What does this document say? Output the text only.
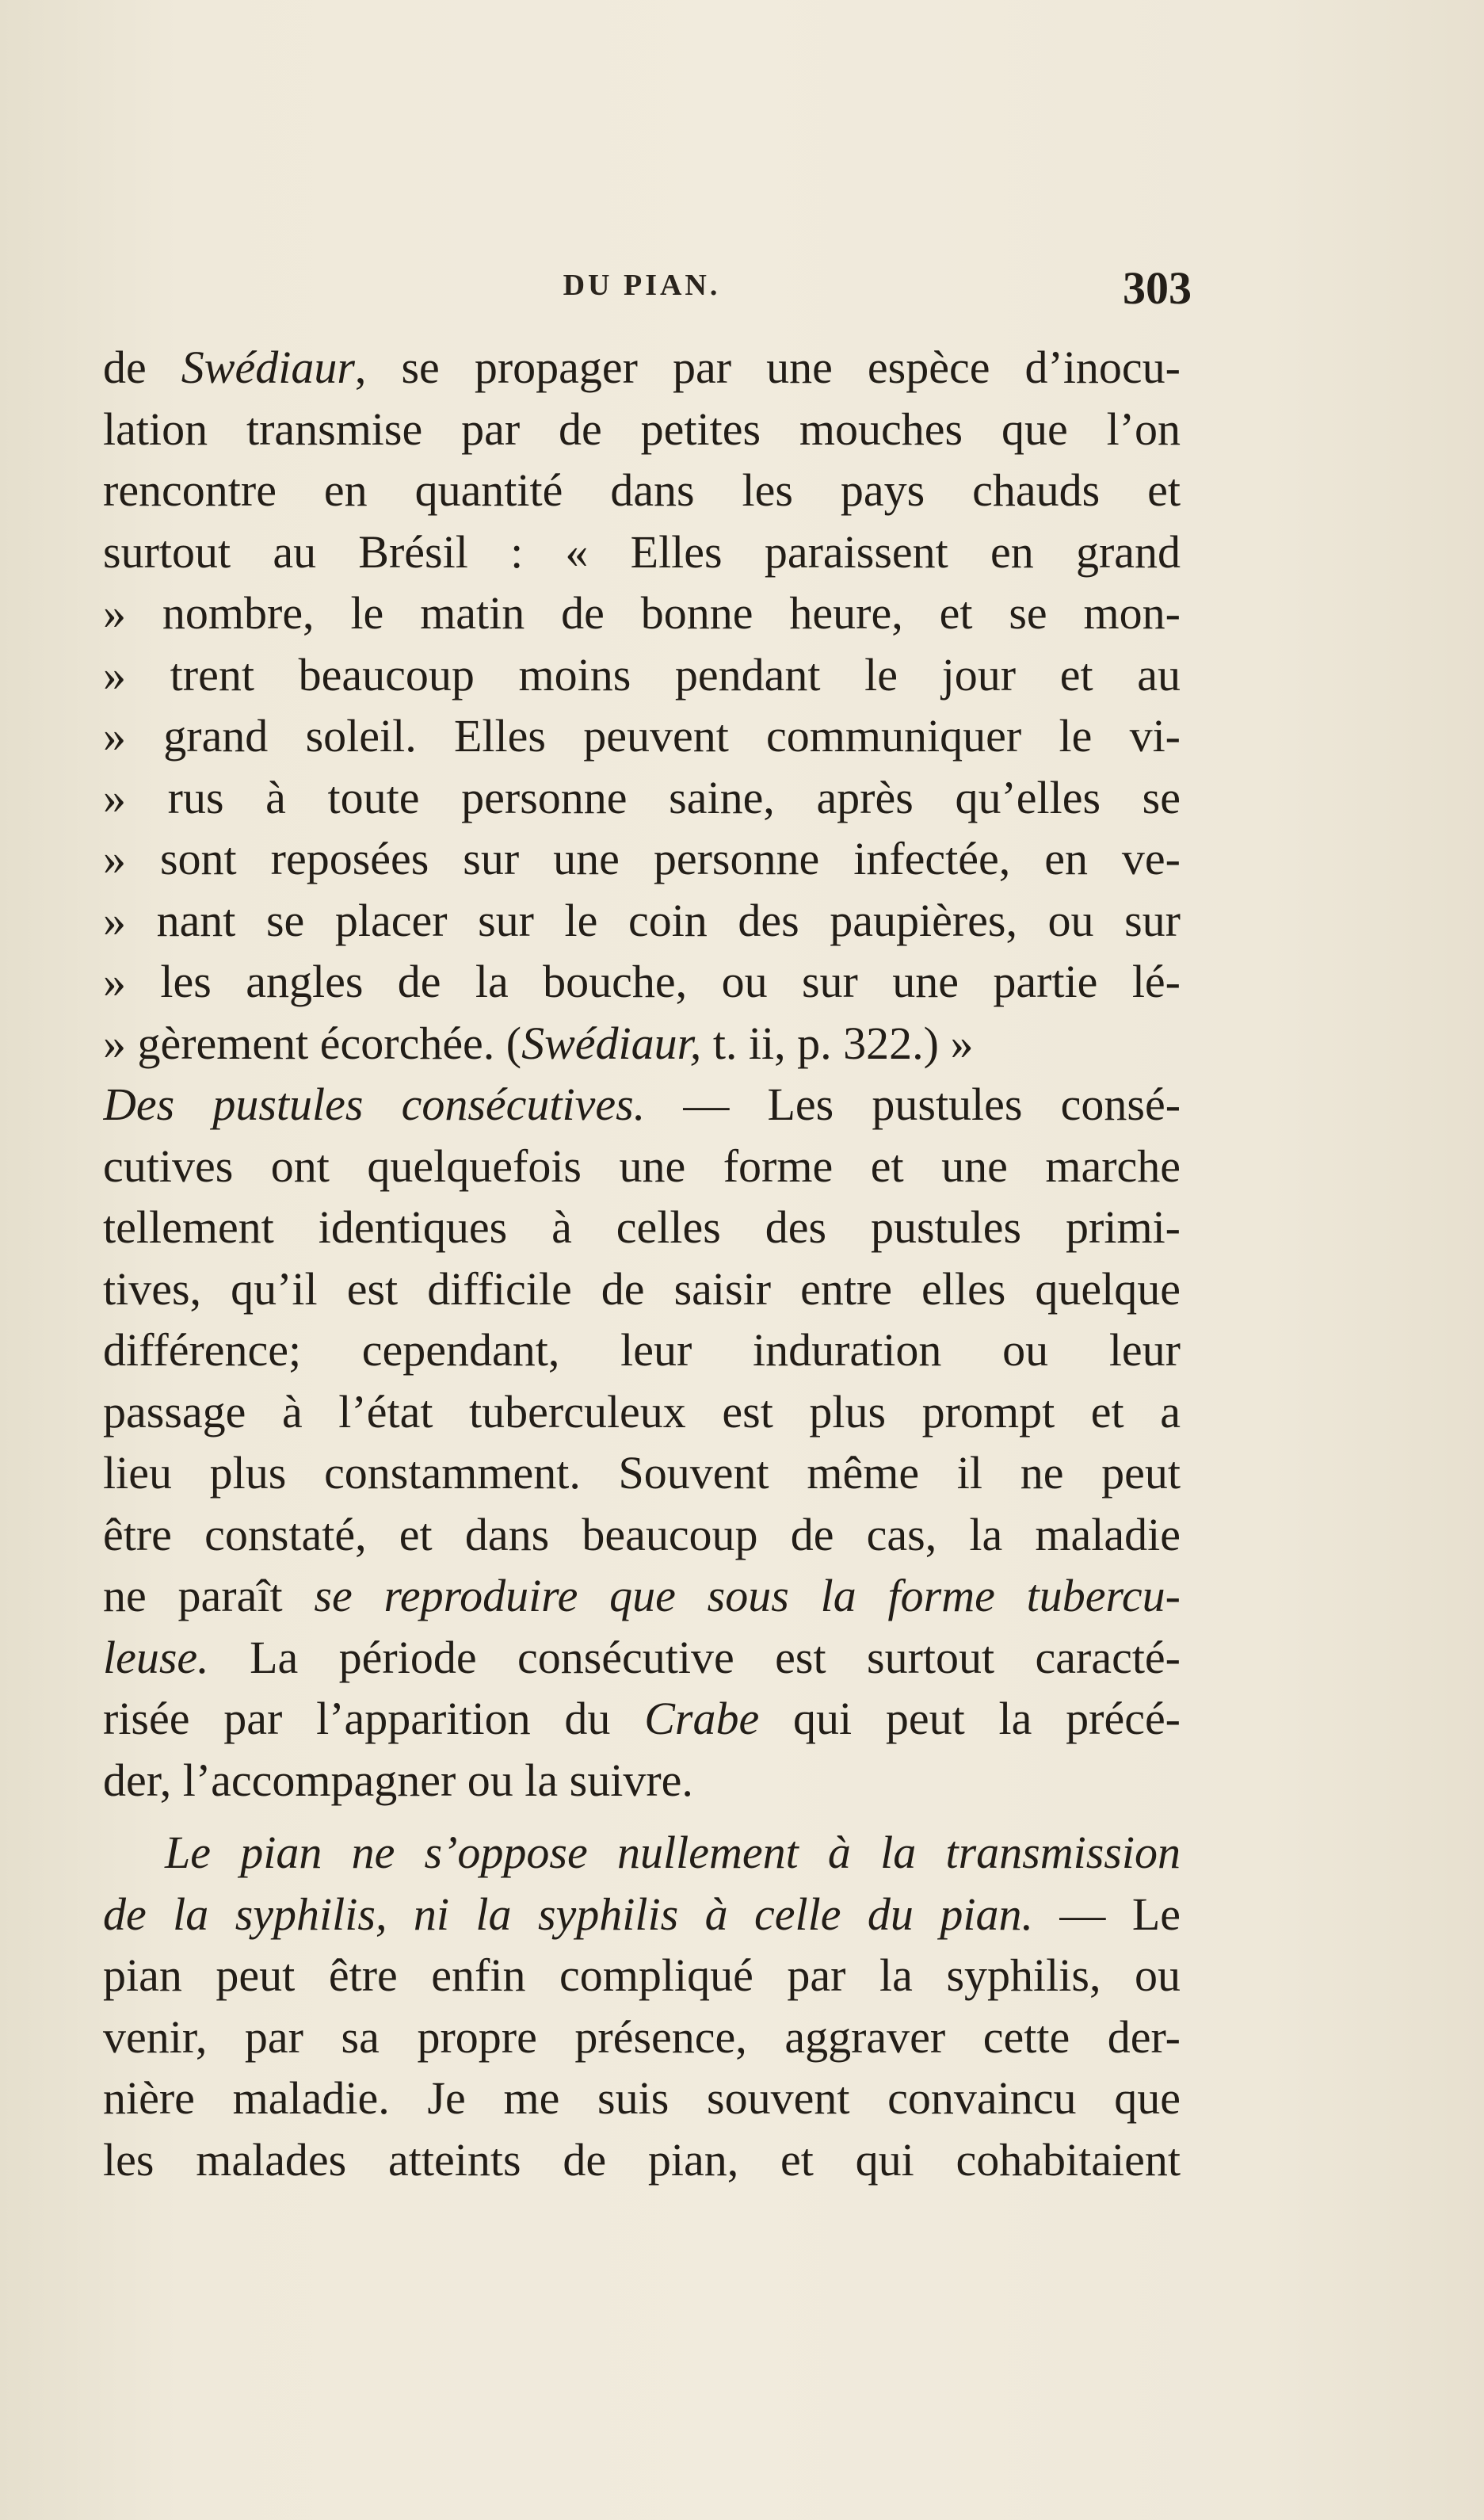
DU PIAN.	303
de Swédiaur, se propager par une espèce d’inocu-
lation transmise par de petites mouches que l’on
rencontre en quantité dans les pays chauds et
surtout au Brésil : « Elles paraissent en grand
» nombre, le matin de bonne heure, et se mon-
» trent beaucoup moins pendant le jour et au
» grand soleil. Elles peuvent communiquer le vi-
» rus à toute personne saine, après qu’elles se
» sont reposées sur une personne infectée, en ve-
» nant se placer sur le coin des paupières, ou sur
» les angles de la bouche, ou sur une partie lé-
» gèrement écorchée. (Swédiaur, t. ii, p. 322.) »
Des pustules consécutives. — Les pustules consé-
cutives ont quelquefois une forme et une marche
tellement identiques à celles des pustules primi-
tives, qu’il est difficile de saisir entre elles quelque
différence; cependant, leur induration ou leur
passage à l’état tuberculeux est plus prompt et a
lieu plus constamment. Souvent même il ne peut
être constaté, et dans beaucoup de cas, la maladie
ne paraît se reproduire que sous la forme tubercu-
leuse. La période consécutive est surtout caracté-
risée par l’apparition du Crabe qui peut la précé-
der, l’accompagner ou la suivre.
Le pian ne s’oppose nullement à la transmission
de la syphilis, ni la syphilis à celle du pian. — Le
pian peut être enfin compliqué par la syphilis, ou
venir, par sa propre présence, aggraver cette der-
nière maladie. Je me suis souvent convaincu que
les malades atteints de pian, et qui cohabitaient
